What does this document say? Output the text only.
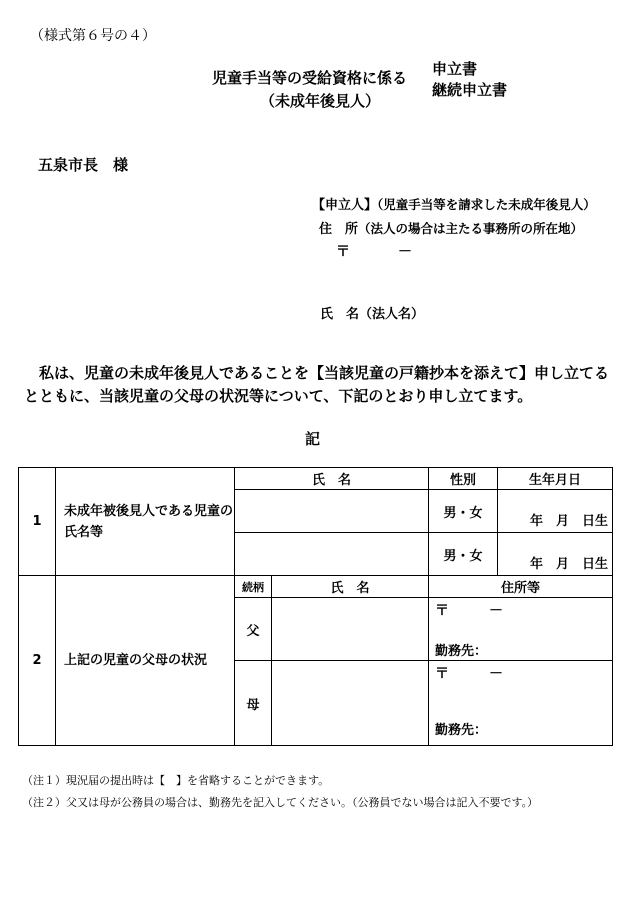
（様式第６号の４）
児童手当等の受給資格に係る
（未成年後見人）
申立書
継続申立書
五泉市長　様
【申立人】（児童手当等を請求した未成年後見人）
住　所（法人の場合は主たる事務所の所在地）
〒	－
氏　名（法人名）
私は、児童の未成年後見人であることを【当該児童の戸籍抄本を添えて】申し立てるとともに、当該児童の父母の状況等について、下記のとおり申し立てます。
記
1	未成年被後見人である児童の氏名等	氏　名		性別	生年月日
				男・女	年　月　日生
				男・女	年　月　日生
2	上記の児童の父母の状況	続柄	氏　名	住所等	
		父		〒 －
勤務先：	

		母		〒 －
勤務先：	
（注１）現況届の提出時は【　】を省略することができます。
（注２）父又は母が公務員の場合は、勤務先を記入してください。（公務員でない場合は記入不要です。）
